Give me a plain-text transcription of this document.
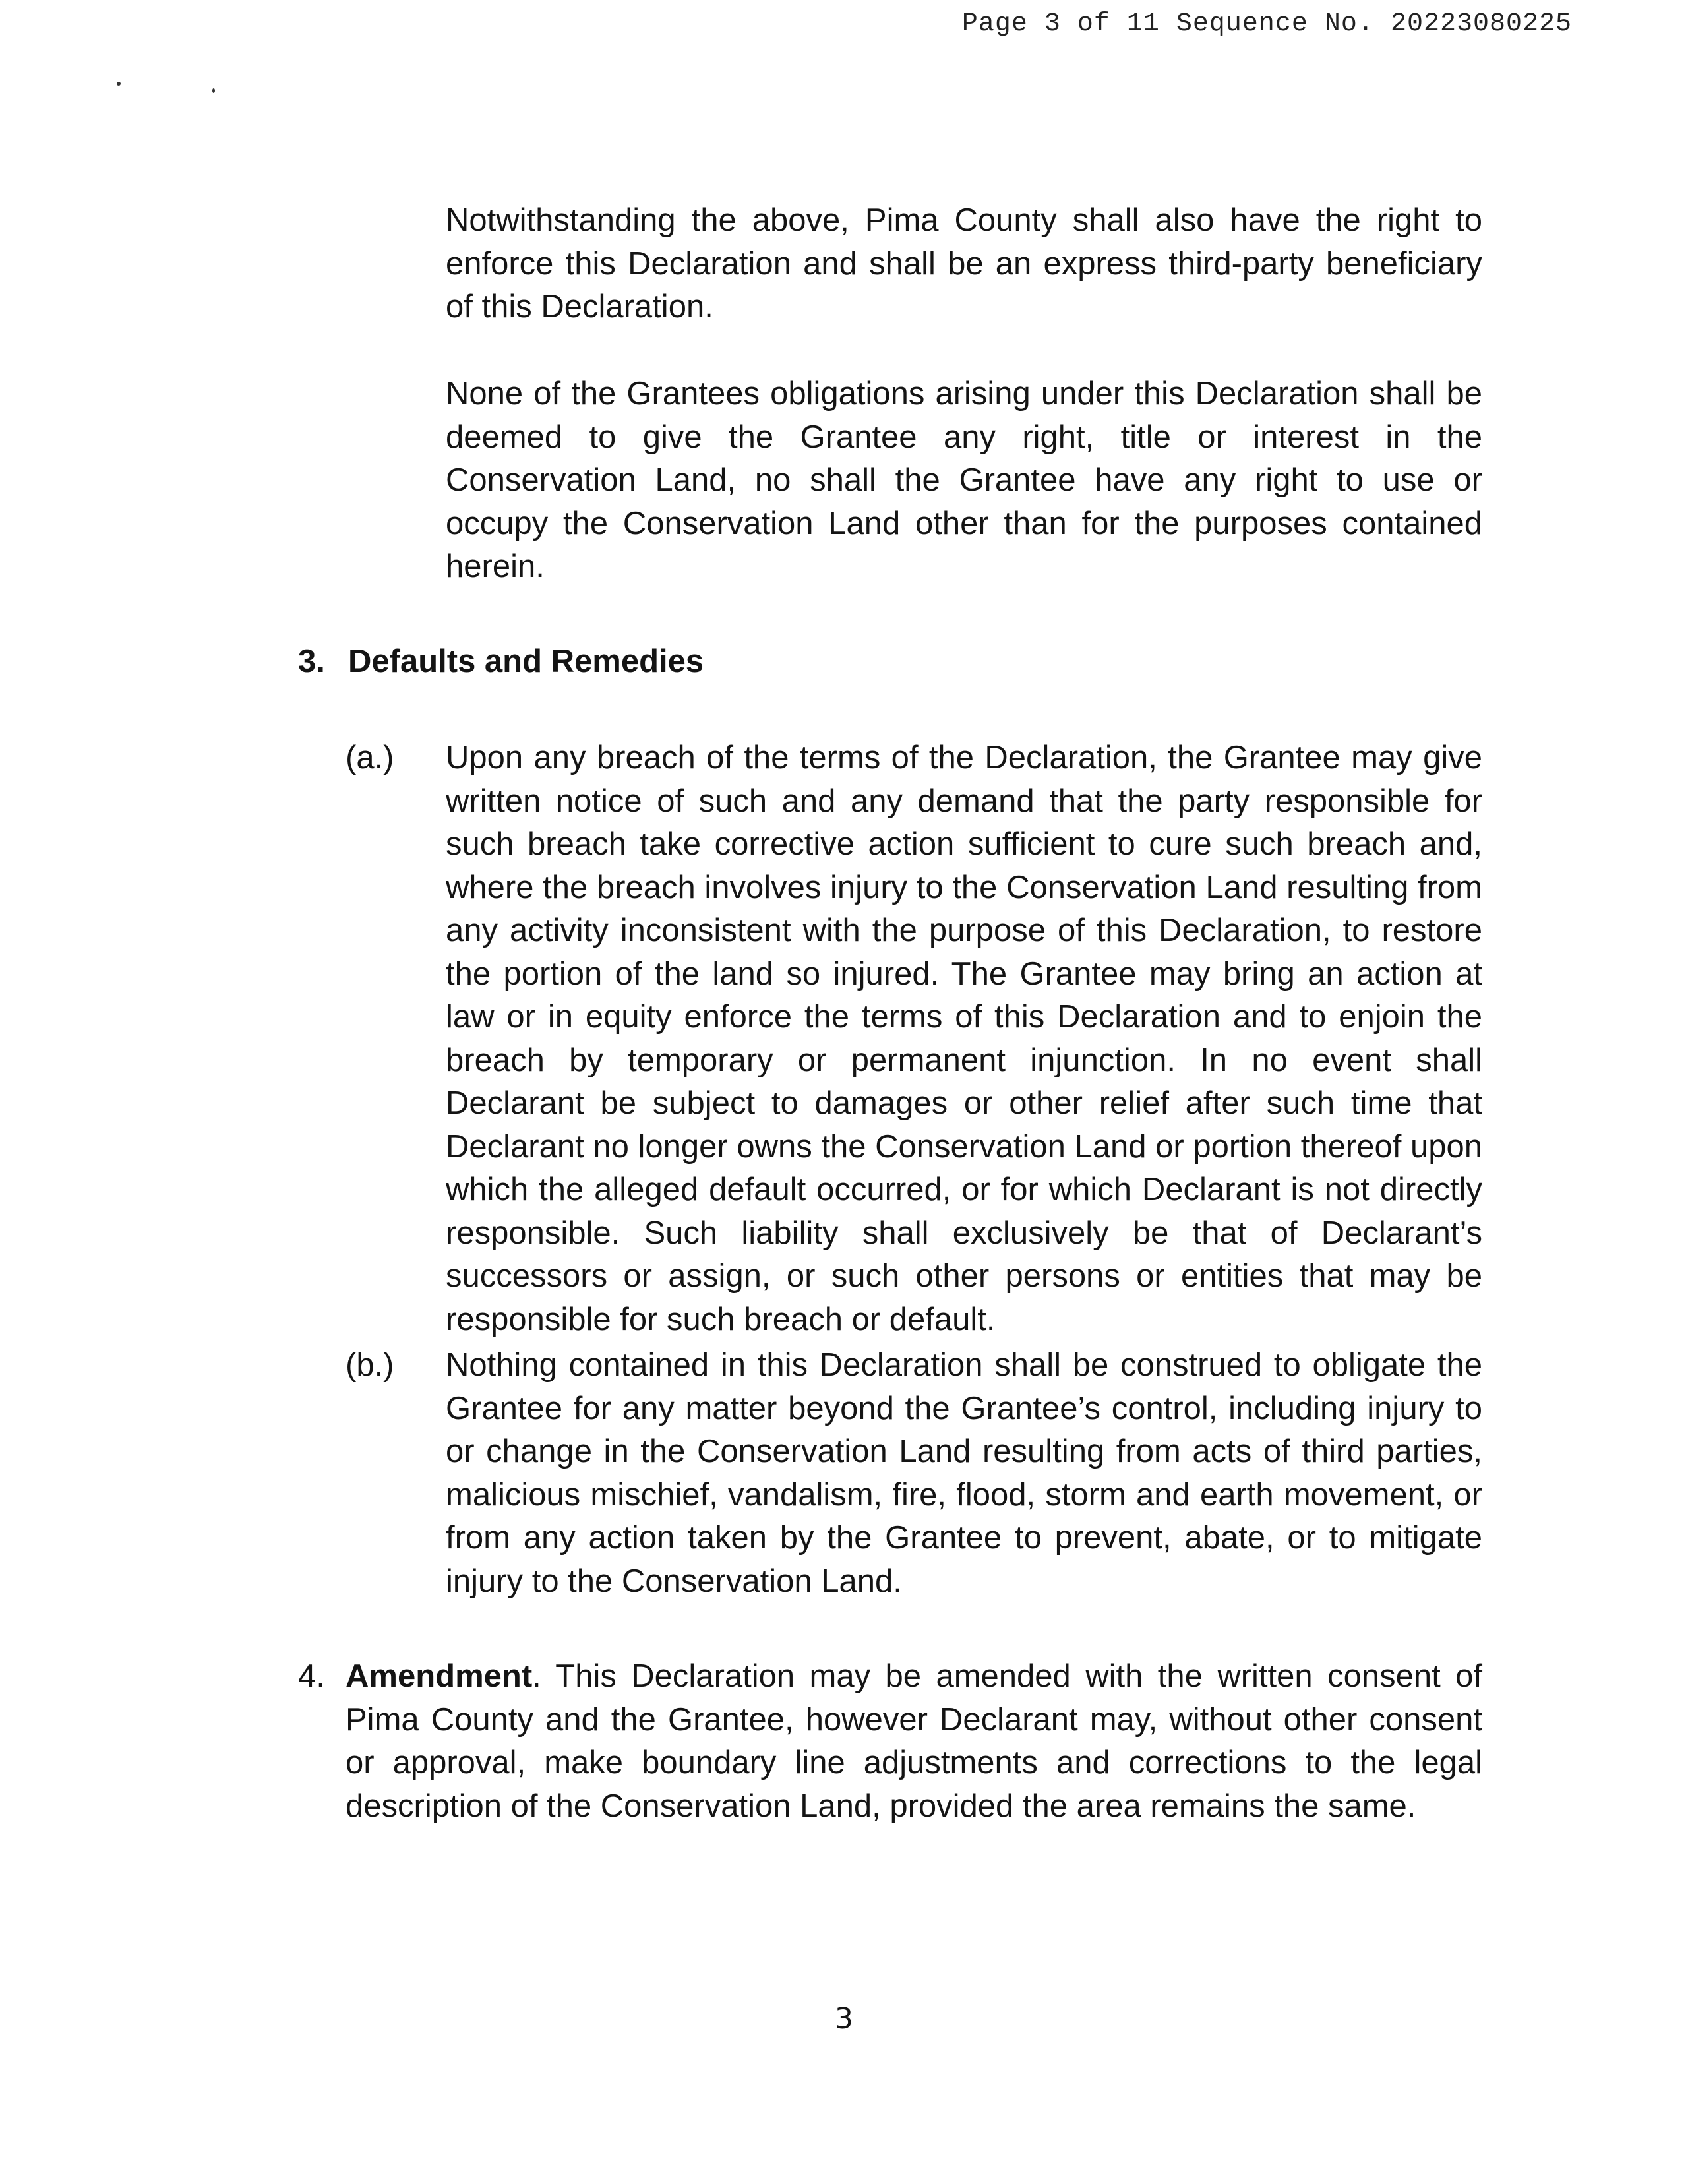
Page 3 of 11 Sequence No. 20223080225

Notwithstanding the above, Pima County shall also have the right to enforce this Declaration and shall be an express third-party beneficiary of this Declaration.

None of the Grantees obligations arising under this Declaration shall be deemed to give the Grantee any right, title or interest in the Conservation Land, no shall the Grantee have any right to use or occupy the Conservation Land other than for the purposes contained herein.

3. Defaults and Remedies
(a.)	Upon any breach of the terms of the Declaration, the Grantee may give written notice of such and any demand that the party responsible for such breach take corrective action sufficient to cure such breach and, where the breach involves injury to the Conservation Land resulting from any activity inconsistent with the purpose of this Declaration, to restore the portion of the land so injured. The Grantee may bring an action at law or in equity enforce the terms of this Declaration and to enjoin the breach by temporary or permanent injunction. In no event shall Declarant be subject to damages or other relief after such time that Declarant no longer owns the Conservation Land or portion thereof upon which the alleged default occurred, or for which Declarant is not directly responsible. Such liability shall exclusively be that of Declarant’s successors or assign, or such other persons or entities that may be responsible for such breach or default.

(b.)	Nothing contained in this Declaration shall be construed to obligate the Grantee for any matter beyond the Grantee’s control, including injury to or change in the Conservation Land resulting from acts of third parties, malicious mischief, vandalism, fire, flood, storm and earth movement, or from any action taken by the Grantee to prevent, abate, or to mitigate injury to the Conservation Land.

4. Amendment. This Declaration may be amended with the written consent of Pima County and the Grantee, however Declarant may, without other consent or approval, make boundary line adjustments and corrections to the legal description of the Conservation Land, provided the area remains the same.

3
